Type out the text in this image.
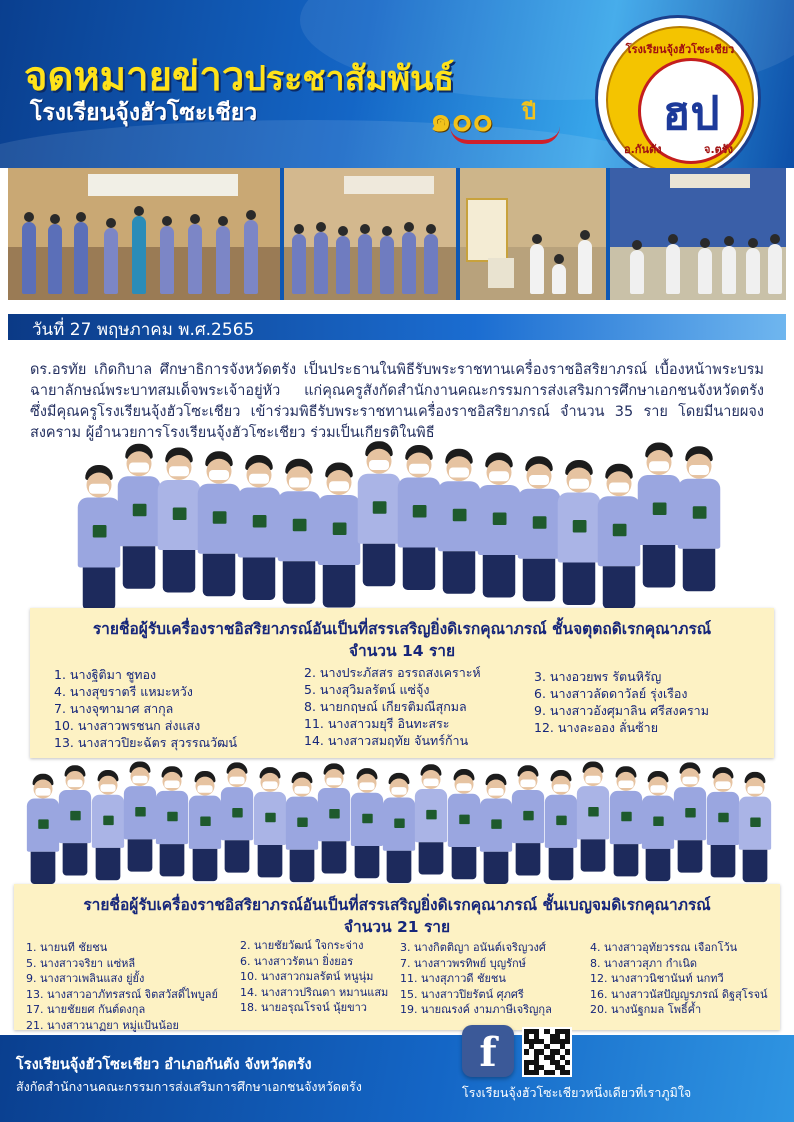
จดหมายข่าวประชาสัมพันธ์
โรงเรียนจุ้งฮัวโซะเชียว	๑๐๐ ปี
โรงเรียนจุ้งฮัวโซะเชียว
ฮป
อ.กันตัง	จ.ตรัง
วันที่ 27 พฤษภาคม พ.ศ.2565

ดร.อรทัย เกิดกิบาล ศึกษาธิการจังหวัดตรัง เป็นประธานในพิธีรับพระราชทานเครื่องราชอิสริยาภรณ์ เบื้องหน้าพระบรมฉายาลักษณ์พระบาทสมเด็จพระเจ้าอยู่หัว แก่คุณครูสังกัดสำนักงานคณะกรรมการส่งเสริมการศึกษาเอกชนจังหวัดตรัง ซึ่งมีคุณครูโรงเรียนจุ้งฮัวโซะเชียว เข้าร่วมพิธีรับพระราชทานเครื่องราชอิสริยาภรณ์ จำนวน 35 ราย โดยมีนายผจง สงคราม ผู้อำนวยการโรงเรียนจุ้งฮัวโซะเชียว ร่วมเป็นเกียรติในพิธี

รายชื่อผู้รับเครื่องราชอิสริยาภรณ์อันเป็นที่สรรเสริญยิ่งดิเรกคุณาภรณ์ ชั้นจตุตถดิเรกคุณาภรณ์
จำนวน 14 ราย
1. นางฐิติมา ชูทอง
4. นางสุขราตรี แหมะหวัง
7. นางจุฑามาศ สากุล
10. นางสาวพรชนก ส่งแสง
13. นางสาวปิยะฉัตร สุวรรณวัฒน์
2. นางประภัสสร อรรถสงเคราะห์
5. นางสุวิมลรัตน์ แซ่จุ้ง
8. นายกฤษณ์ เกียรติมณีสุกมล
11. นางสาวมยุรี อินทะสระ
14. นางสาวสมฤทัย จันทร์ก้าน
3. นางอวยพร รัตนหิรัญ
6. นางสาวลัดดาวัลย์ รุ่งเรือง
9. นางสาวอังศุมาลิน ศรีสงคราม
12. นางละออง ลั่นซ้าย
รายชื่อผู้รับเครื่องราชอิสริยาภรณ์อันเป็นที่สรรเสริญยิ่งดิเรกคุณาภรณ์ ชั้นเบญจมดิเรกคุณาภรณ์
จำนวน 21 ราย
1. นายนที ชัยชน
5. นางสาวจริยา แซ่หลี
9. นางสาวเพลินแสง ยู่ยั้ง
13. นางสาวอาภัทรสรณ์ จิตสวัสดิ์ไพบูลย์
17. นายชัยยศ กันต์ดงกุล
21. นางสาวนาฏยา หมู่แป้นน้อย
2. นายชัยวัฒน์ ใจกระจ่าง
6. นางสาวรัตนา ยิ่งยอร
10. นางสาวกมลรัตน์ หนูนุ่ม
14. นางสาวปริณดา หมานแสม
18. นายอรุณโรจน์ นุ้ยขาว
3. นางกิตติญา อนันต์เจริญวงศ์
7. นางสาวพรทิพย์ บุญรักษ์
11. นางสุภาวดี ชัยชน
15. นางสาวปิยรัตน์ ศุภศรี
19. นายณรงค์ งามภาษีเจริญกุล
4. นางสาวอุทัยวรรณ เจือกโว้น
8. นางสาวสุภา กำเนิด
12. นางสาวนิชานันท์ นกทวี
16. นางสาวนัสปัญญรภรณ์ ดิฐสุโรจน์
20. นางนัฐกมล โพธิ์ค้ำ
โรงเรียนจุ้งฮัวโซะเชียว อำเภอกันตัง จังหวัดตรัง
สังกัดสำนักงานคณะกรรมการส่งเสริมการศึกษาเอกชนจังหวัดตรัง
f
โรงเรียนจุ้งฮัวโซะเชียวหนึ่งเดียวที่เราภูมิใจ
